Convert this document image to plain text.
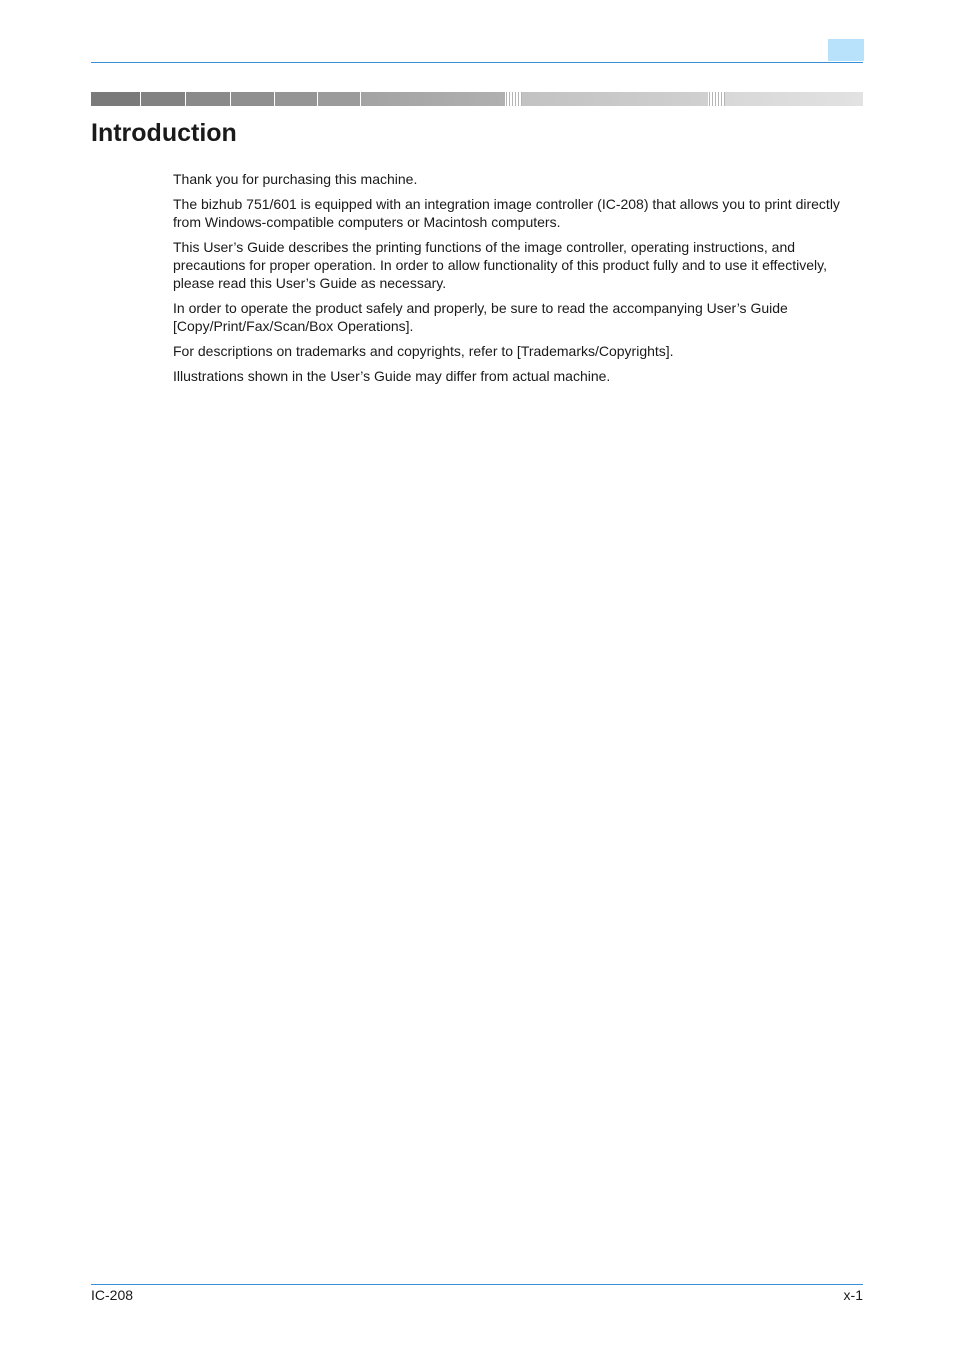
Introduction

Thank you for purchasing this machine.

The bizhub 751/601 is equipped with an integration image controller (IC-208) that allows you to print directly from Windows-compatible computers or Macintosh computers.

This User’s Guide describes the printing functions of the image controller, operating instructions, and precautions for proper operation. In order to allow functionality of this product fully and to use it effectively, please read this User’s Guide as necessary.

In order to operate the product safely and properly, be sure to read the accompanying User’s Guide [Copy/Print/Fax/Scan/Box Operations].

For descriptions on trademarks and copyrights, refer to [Trademarks/Copyrights].

Illustrations shown in the User’s Guide may differ from actual machine.

IC-208	x-1
